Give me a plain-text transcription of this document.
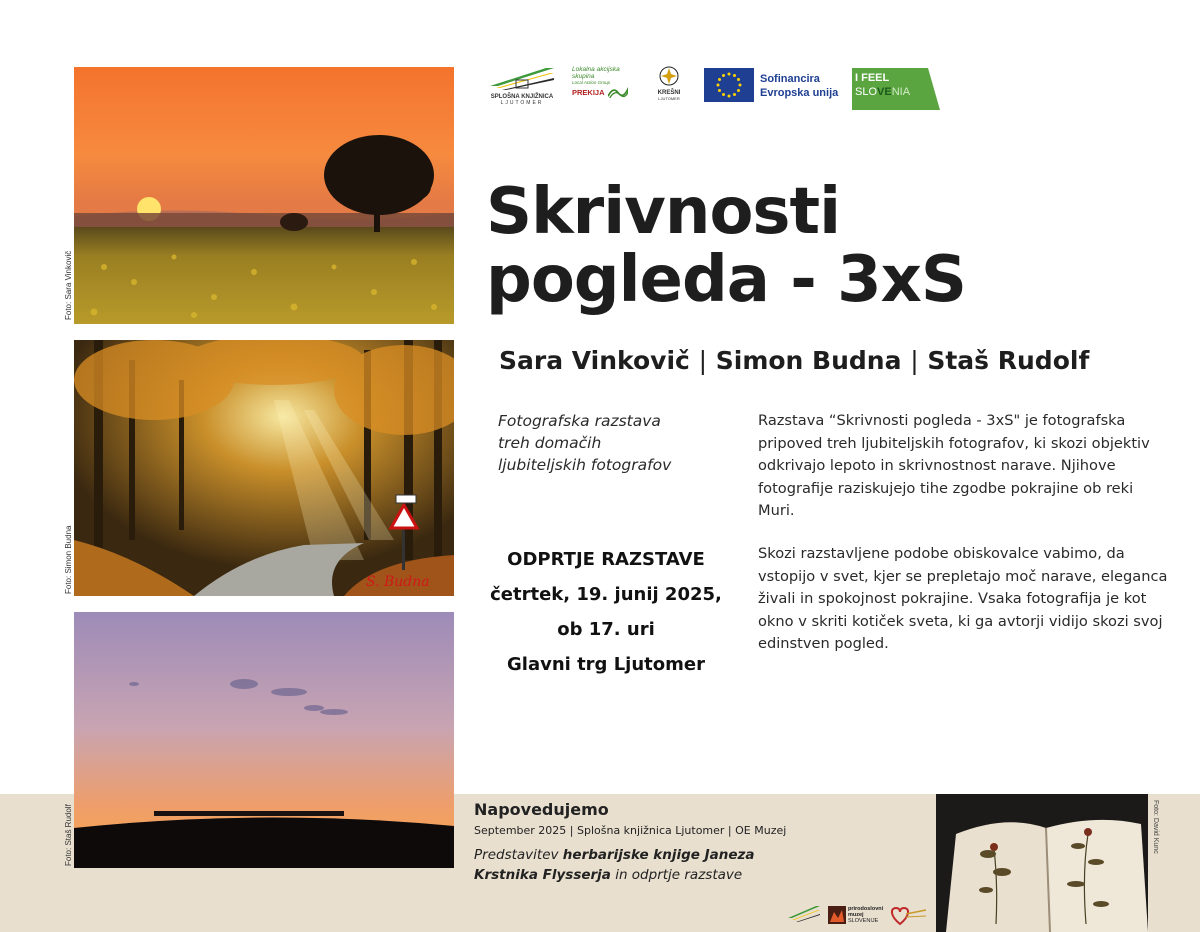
Foto: Sara Vinkovič
S. Budna
Foto: Simon Budna
Foto: Staš Rudolf
SPLOŠNA KNJIŽNICA
LJUTOMER
Lokalna akcijska skupina
Local Action Group
PREKIJA	KREŠNI
LJUTOMER
Sofinancira
Evropska unija
I FEEL
SLOVENIA
Skrivnosti
pogleda - 3xS
Sara Vinkovič | Simon Budna | Staš Rudolf
Fotografska razstava
treh domačih
ljubiteljskih fotografov
ODPRTJE RAZSTAVE
četrtek, 19. junij 2025,
ob 17. uri
Glavni trg Ljutomer
Razstava “Skrivnosti pogleda - 3xS" je fotografska pripoved treh ljubiteljskih fotografov, ki skozi objektiv odkrivajo lepoto in skrivnostnost narave. Njihove fotografije raziskujejo tihe zgodbe pokrajine ob reki Muri.
Skozi razstavljene podobe obiskovalce vabimo, da vstopijo v svet, kjer se prepletajo moč narave, eleganca živali in spokojnost pokrajine. Vsaka fotografija je kot okno v skriti kotiček sveta, ki ga avtorji vidijo skozi svoj edinstven pogled.
Napovedujemo
September 2025 | Splošna knjižnica Ljutomer | OE Muzej
Predstavitev herbarijske knjige Janeza Krstnika Flysserja in odprtje razstave
Foto: David Kunc
prirodoslovni
muzej
SLOVENIJE
